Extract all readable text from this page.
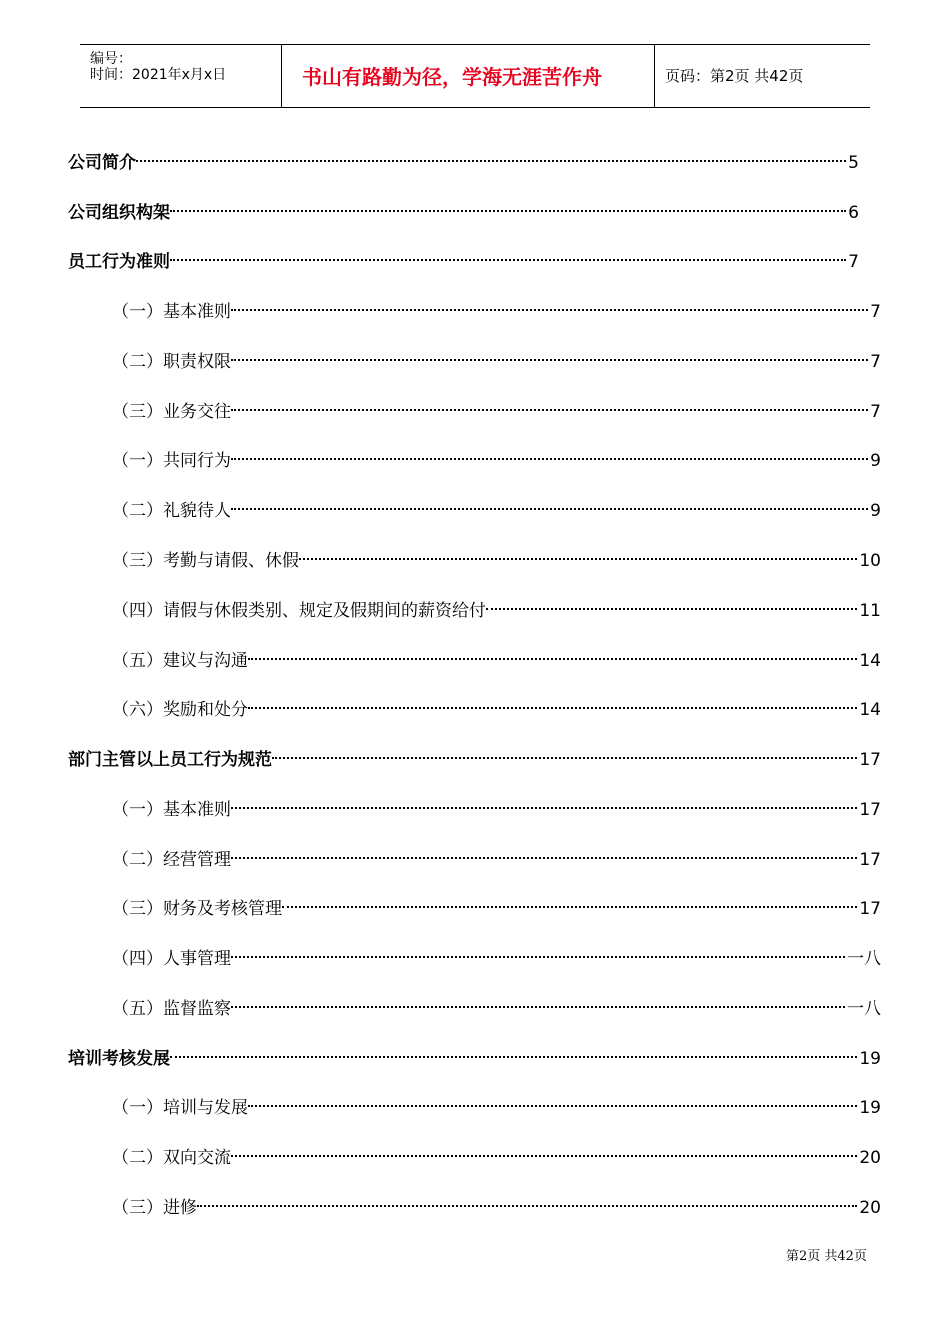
编号：
时间：2021年x月x日	书山有路勤为径，学海无涯苦作舟	页码：第2页 共42页
公司简介	5
公司组织构架	6
员工行为准则	7
（一）基本准则	7
（二）职责权限	7
（三）业务交往	7
（一）共同行为	9
（二）礼貌待人	9
（三）考勤与请假、休假	10
（四）请假与休假类别、规定及假期间的薪资给付	11
（五）建议与沟通	14
（六）奖励和处分	14
部门主管以上员工行为规范	17
（一）基本准则	17
（二）经营管理	17
（三）财务及考核管理	17
（四）人事管理	一八
（五）监督监察	一八
培训考核发展	19
（一）培训与发展	19
（二）双向交流	20
（三）进修	20
第2页 共42页
